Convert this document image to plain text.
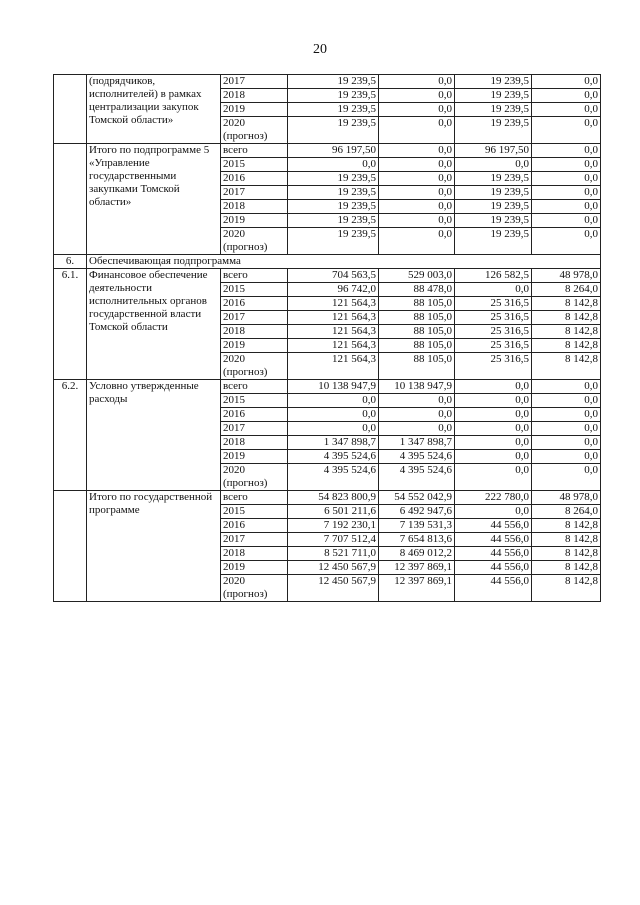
20
	(подрядчиков, исполнителей) в рамках централизации закупок Томской области»	2017	19 239,5	0,0	19 239,5	0,0
		2018	19 239,5	0,0	19 239,5	0,0
		2019	19 239,5	0,0	19 239,5	0,0
		2020 (прогноз)	19 239,5	0,0	19 239,5	0,0
	Итого по подпрограмме 5 «Управление государственными закупками Томской области»	всего	96 197,50	0,0	96 197,50	0,0
		2015	0,0	0,0	0,0	0,0
		2016	19 239,5	0,0	19 239,5	0,0
		2017	19 239,5	0,0	19 239,5	0,0
		2018	19 239,5	0,0	19 239,5	0,0
		2019	19 239,5	0,0	19 239,5	0,0
		2020 (прогноз)	19 239,5	0,0	19 239,5	0,0
6.	Обеспечивающая подпрограмма					
6.1.	Финансовое обеспечение деятельности исполнительных органов государственной власти Томской области	всего	704 563,5	529 003,0	126 582,5	48 978,0
		2015	96 742,0	88 478,0	0,0	8 264,0
		2016	121 564,3	88 105,0	25 316,5	8 142,8
		2017	121 564,3	88 105,0	25 316,5	8 142,8
		2018	121 564,3	88 105,0	25 316,5	8 142,8
		2019	121 564,3	88 105,0	25 316,5	8 142,8
		2020 (прогноз)	121 564,3	88 105,0	25 316,5	8 142,8
6.2.	Условно утвержденные расходы	всего	10 138 947,9	10 138 947,9	0,0	0,0
		2015	0,0	0,0	0,0	0,0
		2016	0,0	0,0	0,0	0,0
		2017	0,0	0,0	0,0	0,0
		2018	1 347 898,7	1 347 898,7	0,0	0,0
		2019	4 395 524,6	4 395 524,6	0,0	0,0
		2020 (прогноз)	4 395 524,6	4 395 524,6	0,0	0,0
	Итого по государственной программе	всего	54 823 800,9	54 552 042,9	222 780,0	48 978,0
		2015	6 501 211,6	6 492 947,6	0,0	8 264,0
		2016	7 192 230,1	7 139 531,3	44 556,0	8 142,8
		2017	7 707 512,4	7 654 813,6	44 556,0	8 142,8
		2018	8 521 711,0	8 469 012,2	44 556,0	8 142,8
		2019	12 450 567,9	12 397 869,1	44 556,0	8 142,8
		2020 (прогноз)	12 450 567,9	12 397 869,1	44 556,0	8 142,8
